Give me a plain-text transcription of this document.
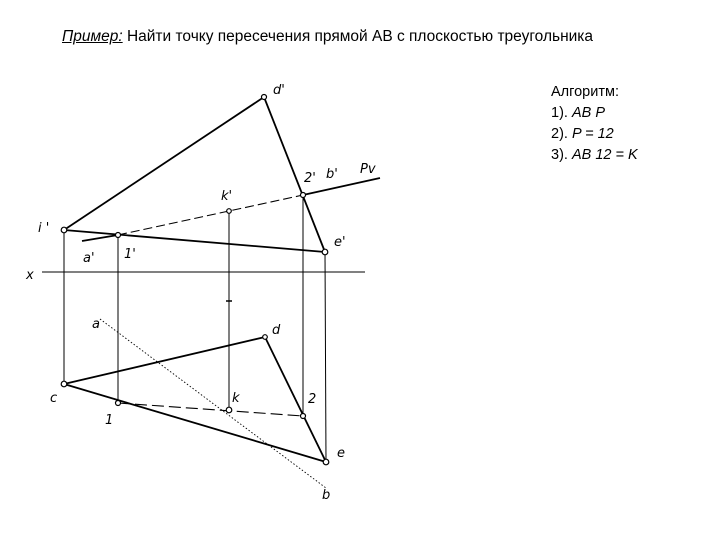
Пример: Найти точку пересечения прямой АВ с плоскостью треугольника
Алгоритм:
1). AB P
2). P = 12
3). AB 12 = K
d'
i '
k'
2' b' Pv
e'
a' 1'
x
a	d
c	k
1
2
e
b
